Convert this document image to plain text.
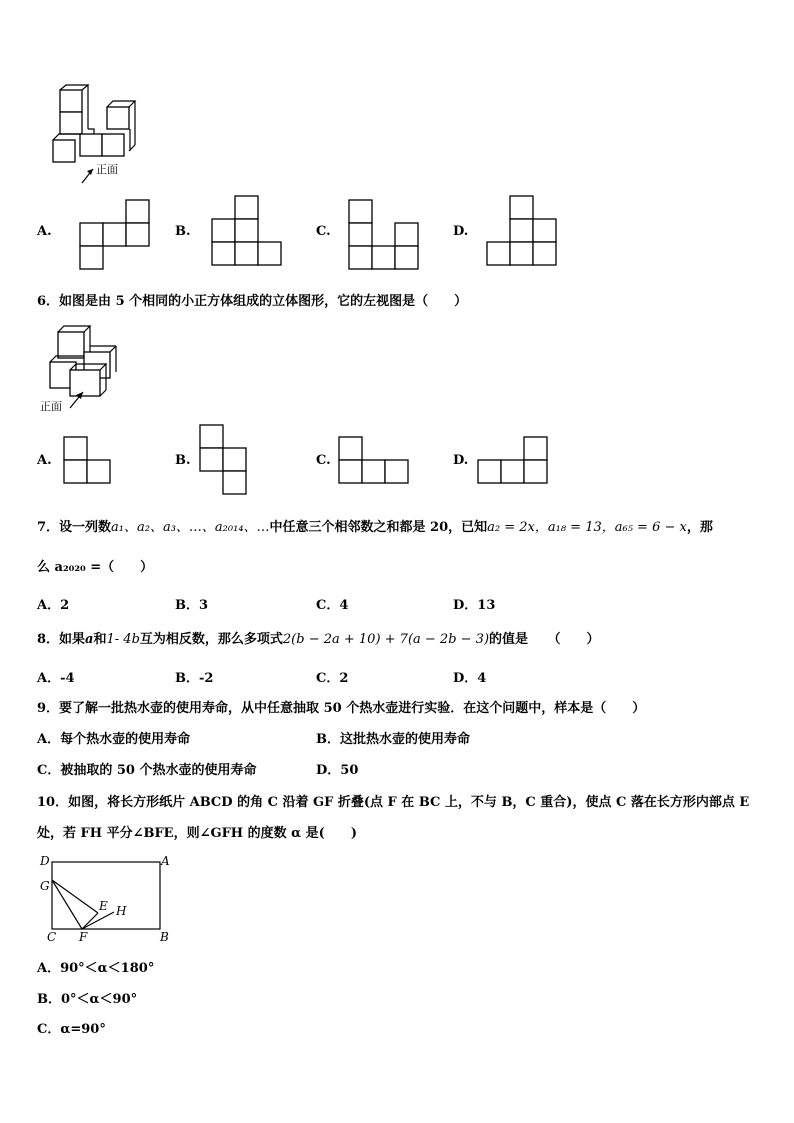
正面
A.	B.	C.	D.
6．如图是由 5 个相同的小正方体组成的立体图形，它的左视图是（　　）
正面
A.	B.	C.	D.
7．设一列数a₁、a₂、a₃、…、a₂₀₁₄、…中任意三个相邻数之和都是 20，已知a₂ = 2x，a₁₈ = 13，a₆₅ = 6 − x，那
么 a₂₀₂₀ =（　　）
A．2	B．3	C．4	D．13
8．如果a和1- 4b互为相反数，那么多项式2(b − 2a + 10) + 7(a − 2b − 3)的值是　　（　　）
A．-4	B．-2	C．2	D．4
9．要了解一批热水壶的使用寿命，从中任意抽取 50 个热水壶进行实验．在这个问题中，样本是（　　）
A．每个热水壶的使用寿命	B．这批热水壶的使用寿命
C．被抽取的 50 个热水壶的使用寿命	D．50
10．如图，将长方形纸片 ABCD 的角 C 沿着 GF 折叠(点 F 在 BC 上，不与 B，C 重合)，使点 C 落在长方形内部点 E
处，若 FH 平分∠BFE，则∠GFH 的度数 α 是(　　)
D	A
G
E H
C F	B
A．90°＜α＜180°
B．0°＜α＜90°
C．α=90°
